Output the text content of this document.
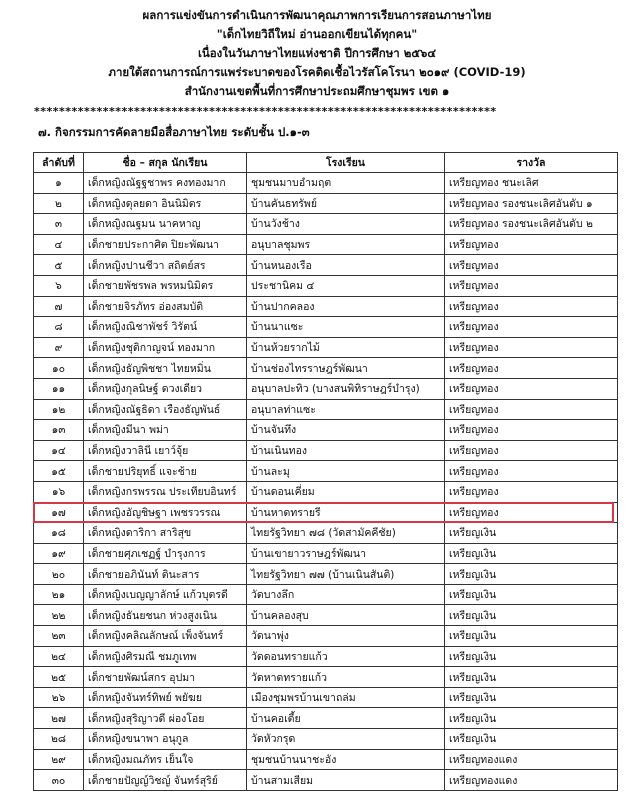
ผลการแข่งขันการดำเนินการพัฒนาคุณภาพการเรียนการสอนภาษาไทย
"เด็กไทยวิถีใหม่ อ่านออกเขียนได้ทุกคน"
เนื่องในวันภาษาไทยแห่งชาติ ปีการศึกษา ๒๕๖๔
ภายใต้สถานการณ์การแพร่ระบาดของโรคติดเชื้อไวรัสโคโรนา ๒๐๑๙ (COVID-19)
สำนักงานเขตพื้นที่การศึกษาประถมศึกษาชุมพร เขต ๑
**************************************************************************
๗. กิจกรรมการคัดลายมือสื่อภาษาไทย ระดับชั้น ป.๑-๓
ลำดับที่	ชื่อ – สกุล นักเรียน	โรงเรียน	รางวัล
๑	เด็กหญิงณัฐฐชาพร คงทองมาก	ชุมชนมาบอำมฤต	เหรียญทอง ชนะเลิศ
๒	เด็กหญิงดุลยดา อินนิมิตร	บ้านคันธทรัพย์	เหรียญทอง รองชนะเลิศอันดับ ๑
๓	เด็กหญิงณฐมน นาคหาญ	บ้านวังช้าง	เหรียญทอง รองชนะเลิศอันดับ ๒
๔	เด็กชายประกาศิต ปิยะพัฒนา	อนุบาลชุมพร	เหรียญทอง
๕	เด็กหญิงปานชีวา สถิตย์สร	บ้านหนองเรือ	เหรียญทอง
๖	เด็กชายพัชรพล พรหมนิมิตร	ประชานิคม ๔	เหรียญทอง
๗	เด็กชายจิรภัทร อ่องสมบัติ	บ้านปากคลอง	เหรียญทอง
๘	เด็กหญิงณิชาพัชร์ วิรัตน์	บ้านนาแซะ	เหรียญทอง
๙	เด็กหญิงชุติกาญจน์ ทองมาก	บ้านห้วยรากไม้	เหรียญทอง
๑๐	เด็กหญิงธัญพิชชา ไทยหมิ่น	บ้านช่องไทรราษฎร์พัฒนา	เหรียญทอง
๑๑	เด็กหญิงกุลนิษฐ์ ดวงเดียว	อนุบาลปะทิว (บางสนพิทิราษฎร์บำรุง)	เหรียญทอง
๑๒	เด็กหญิงณัฐธิดา เรืองธัญพันธ์	อนุบาลท่าแซะ	เหรียญทอง
๑๓	เด็กหญิงมีนา พม่า	บ้านจันทึง	เหรียญทอง
๑๔	เด็กหญิงวาลินี เยาว์จุ้ย	บ้านเนินทอง	เหรียญทอง
๑๕	เด็กชายปริยุทธิ์ แจะช้าย	บ้านละมุ	เหรียญทอง
๑๖	เด็กหญิงกรพรรณ ประเทียบอินทร์	บ้านดอนเคี่ยม	เหรียญทอง
๑๗	เด็กหญิงอัญชิษฐา เพชรวรรณ	บ้านหาดทรายรี	เหรียญทอง
๑๘	เด็กหญิงดาริกา สาริสุข	ไทยรัฐวิทยา ๗๘ (วัดสามัคคีชัย)	เหรียญเงิน
๑๙	เด็กชายศุภเชฏฐ์ บำรุงการ	บ้านเขายาวราษฎร์พัฒนา	เหรียญเงิน
๒๐	เด็กชายอภินันท์ ตินะสาร	ไทยรัฐวิทยา ๗๗ (บ้านเนินสันติ)	เหรียญเงิน
๒๑	เด็กหญิงเบญญาลักษ์ แก้วบุตรดี	วัดบางลึก	เหรียญเงิน
๒๒	เด็กหญิงธันยชนก ห่วงสูงเนิน	บ้านคลองสุบ	เหรียญเงิน
๒๓	เด็กหญิงคลิณลักษณ์ เพ็งจันทร์	วัดนาพุ่ง	เหรียญเงิน
๒๔	เด็กหญิงศิรมณี ชมภูเทพ	วัดดอนทรายแก้ว	เหรียญเงิน
๒๕	เด็กชายพัฒน์สกร อุปมา	วัดหาดทรายแก้ว	เหรียญเงิน
๒๖	เด็กหญิงจันทร์ทิพย์ พยัฆย	เมืองชุมพรบ้านเขาถล่ม	เหรียญเงิน
๒๗	เด็กหญิงสุริญาวดี ผ่องโอย	บ้านคอเตี้ย	เหรียญเงิน
๒๘	เด็กหญิงขนาพา อนุกูล	วัดหัวกรุด	เหรียญเงิน
๒๙	เด็กหญิงมณภัทร เย็นใจ	ชุมชนบ้านนาชะอัง	เหรียญทองแดง
๓๐	เด็กชายปัญญ์วิชญ์ จันทร์สุริย์	บ้านสามเสียม	เหรียญทองแดง
